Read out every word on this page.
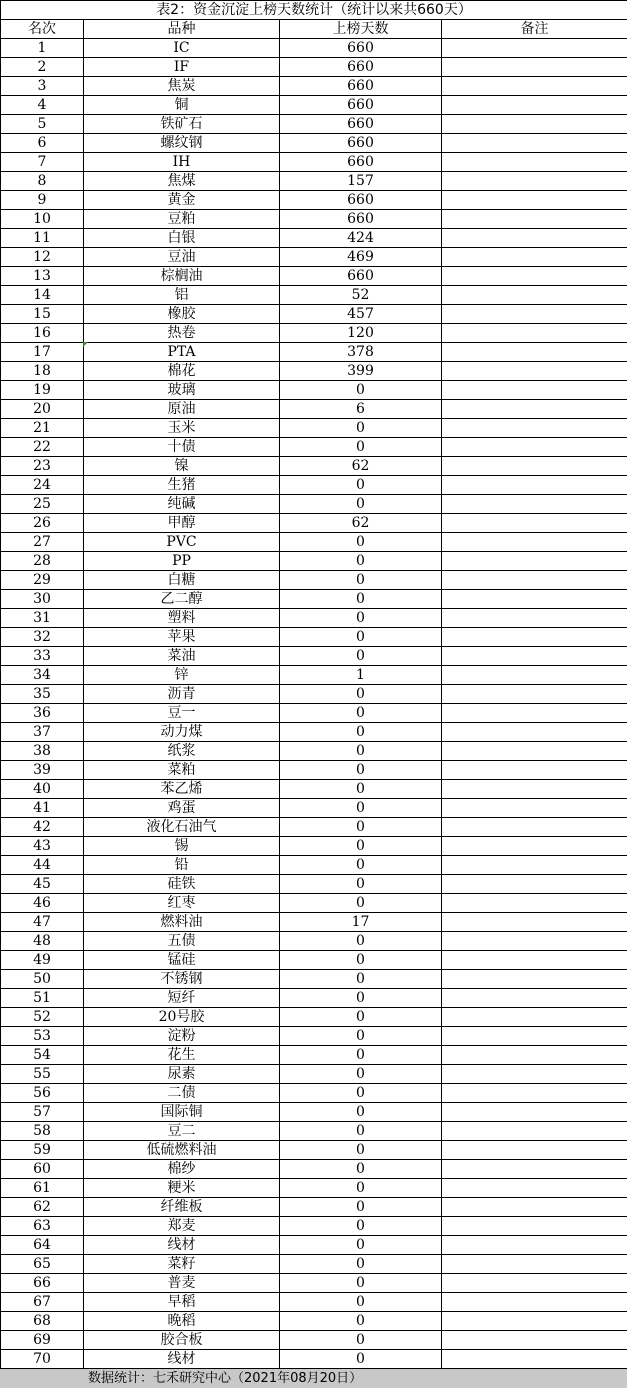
表2：资金沉淀上榜天数统计（统计以来共660天）			
名次	品种	上榜天数	备注
1	IC	660	
2	IF	660	
3	焦炭	660	
4	铜	660	
5	铁矿石	660	
6	螺纹钢	660	
7	IH	660	
8	焦煤	157	
9	黄金	660	
10	豆粕	660	
11	白银	424	
12	豆油	469	
13	棕榈油	660	
14	铝	52	
15	橡胶	457	
16	热卷	120	
17	PTA	378	
18	棉花	399	
19	玻璃	0	
20	原油	6	
21	玉米	0	
22	十债	0	
23	镍	62	
24	生猪	0	
25	纯碱	0	
26	甲醇	62	
27	PVC	0	
28	PP	0	
29	白糖	0	
30	乙二醇	0	
31	塑料	0	
32	苹果	0	
33	菜油	0	
34	锌	1	
35	沥青	0	
36	豆一	0	
37	动力煤	0	
38	纸浆	0	
39	菜粕	0	
40	苯乙烯	0	
41	鸡蛋	0	
42	液化石油气	0	
43	锡	0	
44	铅	0	
45	硅铁	0	
46	红枣	0	
47	燃料油	17	
48	五债	0	
49	锰硅	0	
50	不锈钢	0	
51	短纤	0	
52	20号胶	0	
53	淀粉	0	
54	花生	0	
55	尿素	0	
56	二债	0	
57	国际铜	0	
58	豆二	0	
59	低硫燃料油	0	
60	棉纱	0	
61	粳米	0	
62	纤维板	0	
63	郑麦	0	
64	线材	0	
65	菜籽	0	
66	普麦	0	
67	早稻	0	
68	晚稻	0	
69	胶合板	0	
70	线材	0	
数据统计：七禾研究中心（2021年08月20日）
